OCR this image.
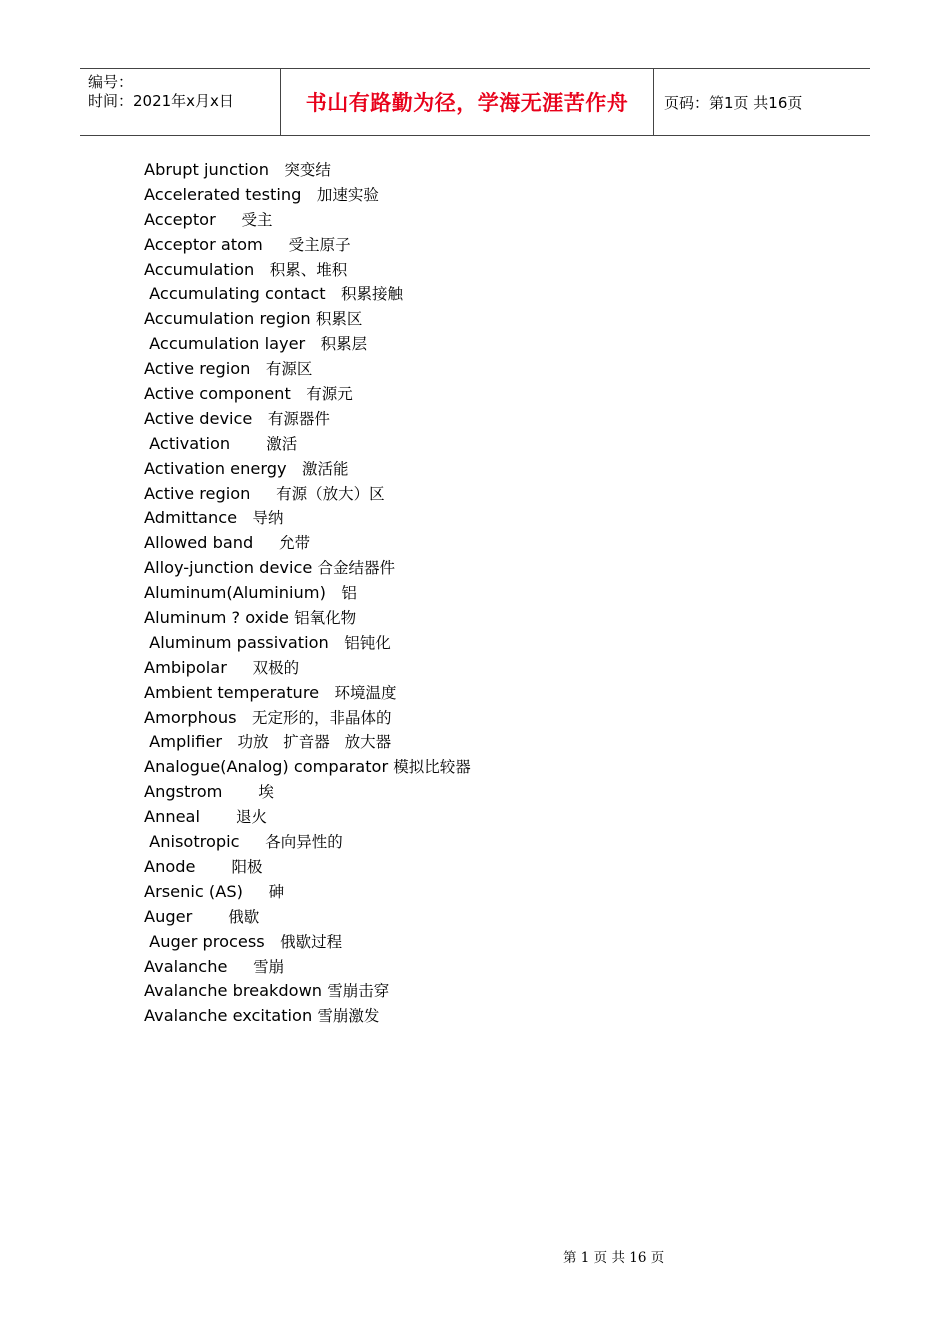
编号：
时间：2021年x月x日	书山有路勤为径，学海无涯苦作舟 页码：第1页 共16页
Abrupt junction 突变结
Accelerated testing 加速实验
Acceptor 受主
Acceptor atom 受主原子
Accumulation 积累、堆积
Accumulating contact 积累接触
Accumulation region 积累区
Accumulation layer 积累层
Active region 有源区
Active component 有源元
Active device 有源器件
Activation 激活
Activation energy 激活能
Active region 有源（放大）区
Admittance 导纳
Allowed band 允带
Alloy-junction device 合金结器件
Aluminum(Aluminium) 铝
Aluminum ? oxide 铝氧化物
Aluminum passivation 铝钝化
Ambipolar 双极的
Ambient temperature 环境温度
Amorphous 无定形的，非晶体的
Amplifier 功放   扩音器   放大器
Analogue(Analog) comparator 模拟比较器
Angstrom 埃
Anneal 退火
Anisotropic 各向异性的
Anode 阳极
Arsenic (AS) 砷
Auger 俄歇
Auger process 俄歇过程
Avalanche 雪崩
Avalanche breakdown 雪崩击穿
Avalanche excitation 雪崩激发
第 1 页 共 16 页
